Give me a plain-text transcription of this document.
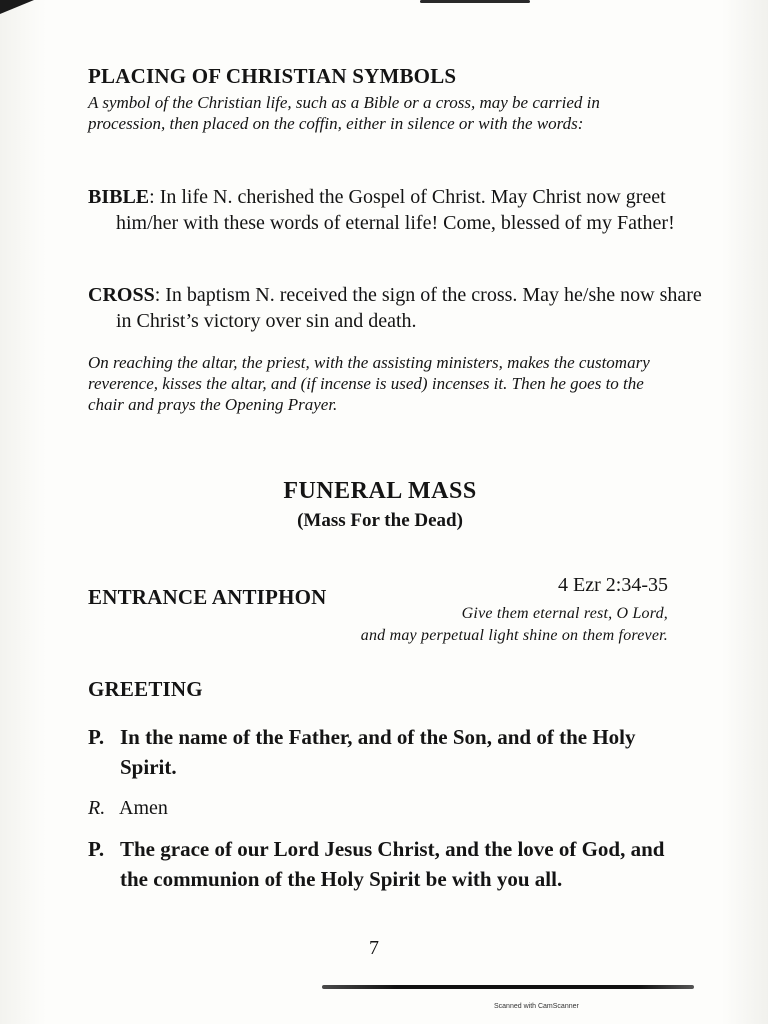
PLACING OF CHRISTIAN SYMBOLS

A symbol of the Christian life, such as a Bible or a cross, may be carried in procession, then placed on the coffin, either in silence or with the words:

BIBLE: In life N. cherished the Gospel of Christ. May Christ now greet him/her with these words of eternal life! Come, blessed of my Father!

CROSS: In baptism N. received the sign of the cross. May he/she now share in Christ’s victory over sin and death.

On reaching the altar, the priest, with the assisting ministers, makes the customary reverence, kisses the altar, and (if incense is used) incenses it. Then he goes to the chair and prays the Opening Prayer.

FUNERAL MASS
(Mass For the Dead)
ENTRANCE ANTIPHON	4 Ezr 2:34-35
Give them eternal rest, O Lord,
and may perpetual light shine on them forever.
GREETING
P. In the name of the Father, and of the Son, and of the Holy Spirit.
R. Amen
P. The grace of our Lord Jesus Christ, and the love of God, and the communion of the Holy Spirit be with you all.
7
Scanned with CamScanner
